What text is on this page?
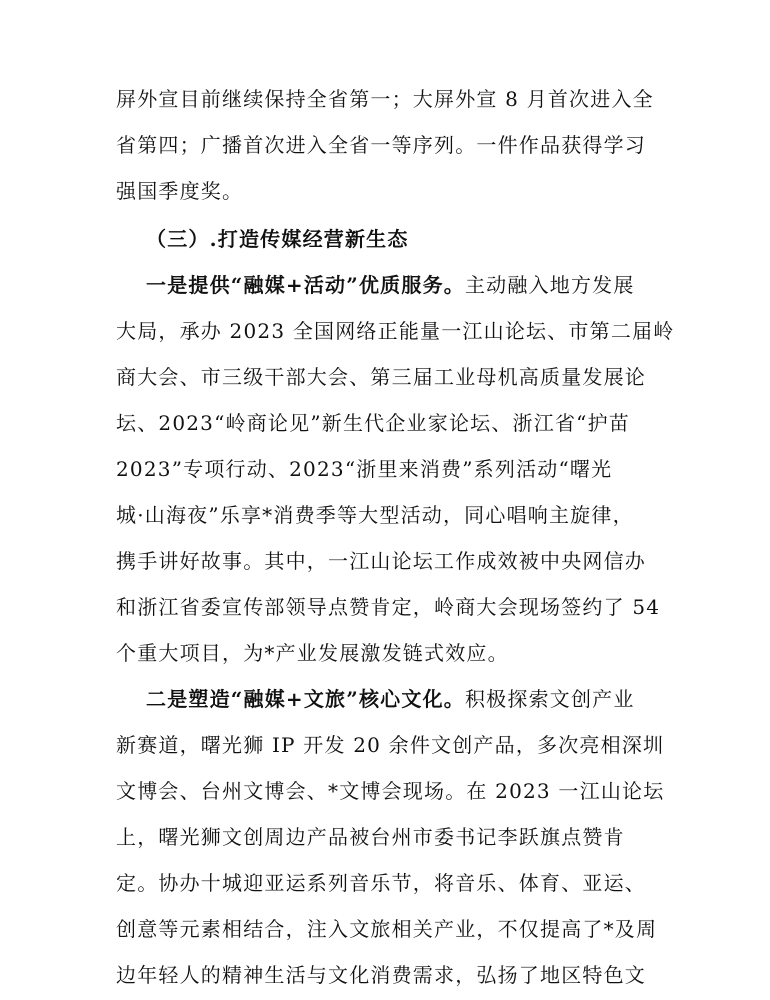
屏外宣目前继续保持全省第一；大屏外宣 8 月首次进入全
省第四；广播首次进入全省一等序列。一件作品获得学习
强国季度奖。
（三）.打造传媒经营新生态
一是提供“融媒+活动”优质服务。主动融入地方发展
大局，承办 2023 全国网络正能量一江山论坛、市第二届岭
商大会、市三级干部大会、第三届工业母机高质量发展论
坛、2023“岭商论见”新生代企业家论坛、浙江省“护苗
2023”专项行动、2023“浙里来消费”系列活动“曙光
城·山海夜”乐享*消费季等大型活动，同心唱响主旋律，
携手讲好故事。其中，一江山论坛工作成效被中央网信办
和浙江省委宣传部领导点赞肯定，岭商大会现场签约了 54
个重大项目，为*产业发展激发链式效应。
二是塑造“融媒+文旅”核心文化。积极探索文创产业
新赛道，曙光狮 IP 开发 20 余件文创产品，多次亮相深圳
文博会、台州文博会、*文博会现场。在 2023 一江山论坛
上，曙光狮文创周边产品被台州市委书记李跃旗点赞肯
定。协办十城迎亚运系列音乐节，将音乐、体育、亚运、
创意等元素相结合，注入文旅相关产业，不仅提高了*及周
边年轻人的精神生活与文化消费需求，弘扬了地区特色文
